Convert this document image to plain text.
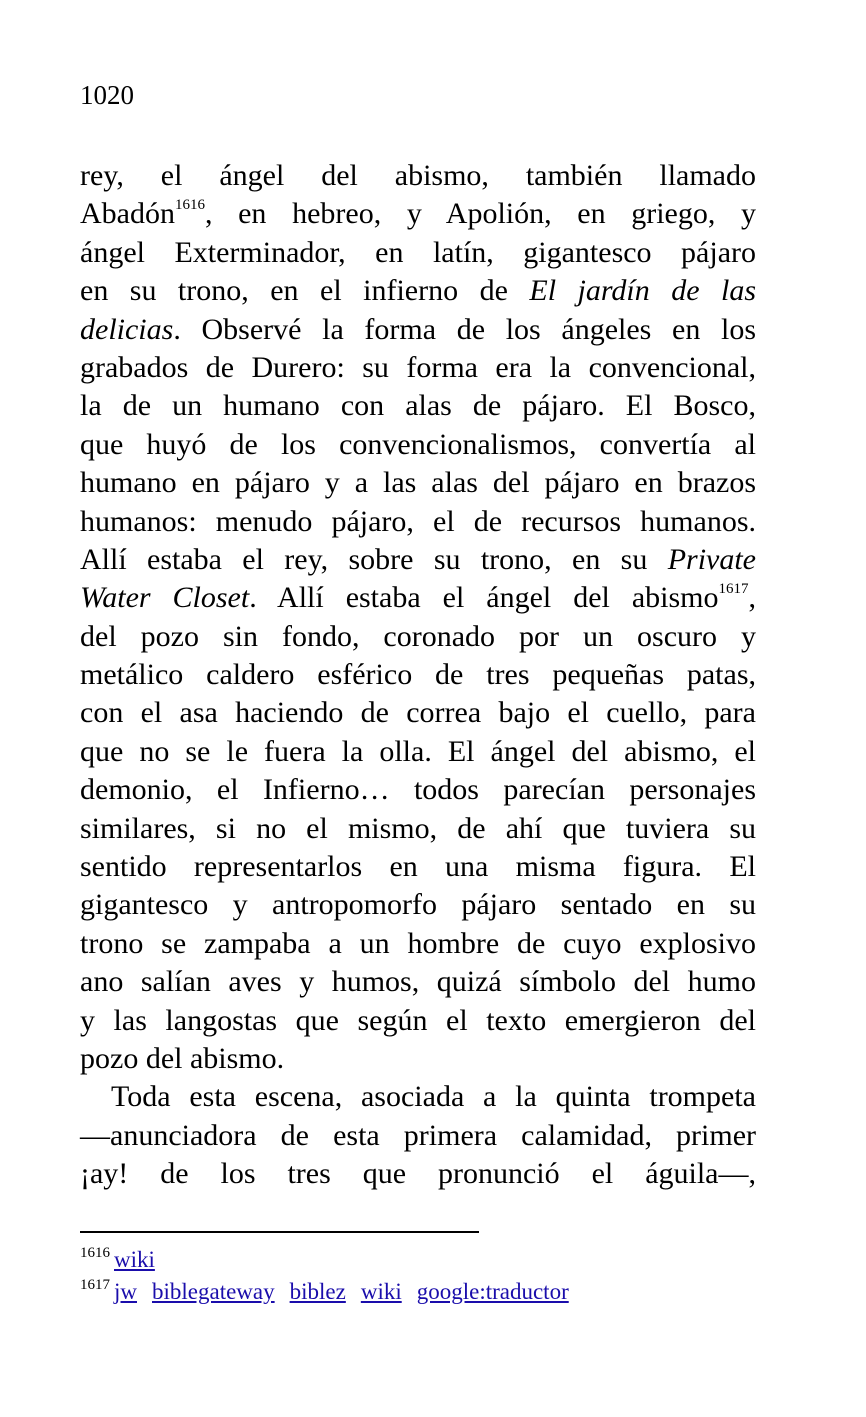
1020
rey, el ángel del abismo, también llamado
Abadón$^{1616}$, en hebreo, y Apolión, en griego, y
ángel Exterminador, en latín, gigantesco pájaro
en su trono, en el infierno de El jardín de las
delicias. Observé la forma de los ángeles en los
grabados de Durero: su forma era la convencional,
la de un humano con alas de pájaro. El Bosco,
que huyó de los convencionalismos, convertía al
humano en pájaro y a las alas del pájaro en brazos
humanos: menudo pájaro, el de recursos humanos.
Allí estaba el rey, sobre su trono, en su Private
Water Closet. Allí estaba el ángel del abismo$^{1617}$,
del pozo sin fondo, coronado por un oscuro y
metálico caldero esférico de tres pequeñas patas,
con el asa haciendo de correa bajo el cuello, para
que no se le fuera la olla. El ángel del abismo, el
demonio, el Infierno… todos parecían personajes
similares, si no el mismo, de ahí que tuviera su
sentido representarlos en una misma figura. El
gigantesco y antropomorfo pájaro sentado en su
trono se zampaba a un hombre de cuyo explosivo
ano salían aves y humos, quizá símbolo del humo
y las langostas que según el texto emergieron del
pozo del abismo.
Toda esta escena, asociada a la quinta trompeta
―anunciadora de esta primera calamidad, primer
¡ay! de los tres que pronunció el águila―,
$^{1616}$ wiki
$^{1617}$ jw biblegateway biblez wiki google:traductor
